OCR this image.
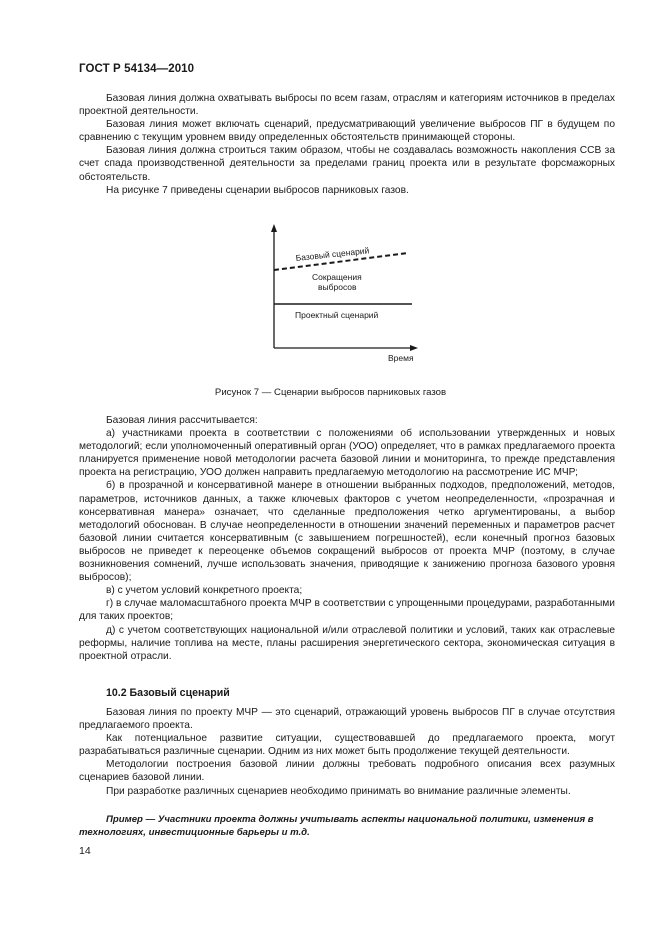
ГОСТ Р 54134—2010

Базовая линия должна охватывать выбросы по всем газам, отраслям и категориям источников в пределах проектной деятельности.

Базовая линия может включать сценарий, предусматривающий увеличение выбросов ПГ в будущем по сравнению с текущим уровнем ввиду определенных обстоятельств принимающей стороны.

Базовая линия должна строиться таким образом, чтобы не создавалась возможность накопления ССВ за счет спада производственной деятельности за пределами границ проекта или в результате форсмажорных обстоятельств.

На рисунке 7 приведены сценарии выбросов парниковых газов.

Базовый сценарий
Сокращения
выбросов
Проектный сценарий
Время
Рисунок 7 — Сценарии выбросов парниковых газов

Базовая линия рассчитывается:

а) участниками проекта в соответствии с положениями об использовании утвержденных и новых методологий; если уполномоченный оперативный орган (УОО) определяет, что в рамках предлагаемого проекта планируется применение новой методологии расчета базовой линии и мониторинга, то прежде представления проекта на регистрацию, УОО должен направить предлагаемую методологию на рассмотрение ИС МЧР;

б) в прозрачной и консервативной манере в отношении выбранных подходов, предположений, методов, параметров, источников данных, а также ключевых факторов с учетом неопределенности, «прозрачная и консервативная манера» означает, что сделанные предположения четко аргументированы, а выбор методологий обоснован. В случае неопределенности в отношении значений переменных и параметров расчет базовой линии считается консервативным (с завышением погрешностей), если конечный прогноз базовых выбросов не приведет к переоценке объемов сокращений выбросов от проекта МЧР (поэтому, в случае возникновения сомнений, лучше использовать значения, приводящие к занижению прогноза базового уровня выбросов);

в) с учетом условий конкретного проекта;

г) в случае маломасштабного проекта МЧР в соответствии с упрощенными процедурами, разработанными для таких проектов;

д) с учетом соответствующих национальной и/или отраслевой политики и условий, таких как отраслевые реформы, наличие топлива на месте, планы расширения энергетического сектора, экономическая ситуация в проектной отрасли.

10.2 Базовый сценарий

Базовая линия по проекту МЧР — это сценарий, отражающий уровень выбросов ПГ в случае отсутствия предлагаемого проекта.

Как потенциальное развитие ситуации, существовавшей до предлагаемого проекта, могут разрабатываться различные сценарии. Одним из них может быть продолжение текущей деятельности.

Методологии построения базовой линии должны требовать подробного описания всех разумных сценариев базовой линии.

При разработке различных сценариев необходимо принимать во внимание различные элементы.

Пример — Участники проекта должны учитывать аспекты национальной политики, изменения в технологиях, инвестиционные барьеры и т.д.
14
